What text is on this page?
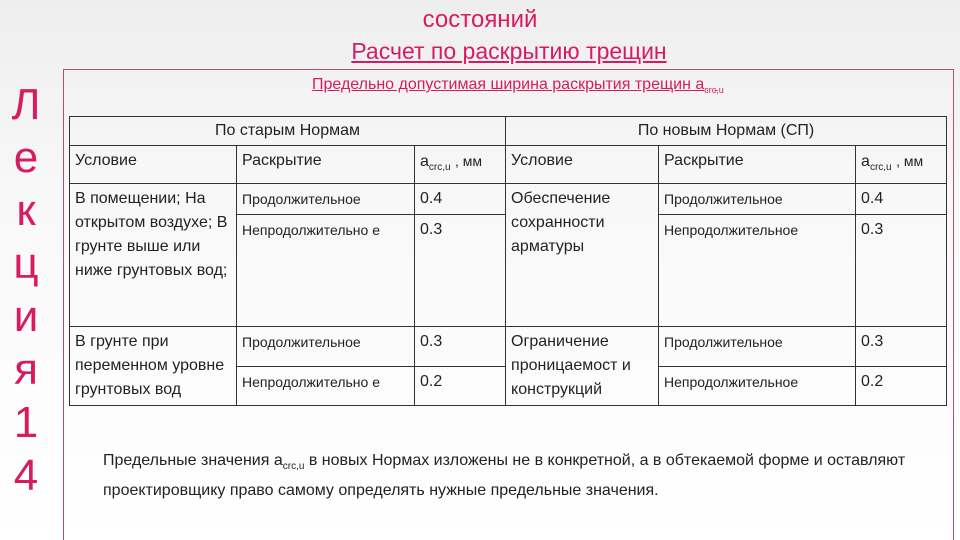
состояний
Расчет по раскрытию трещин
Л
е
к
ц
и
я
1
4
Предельно допустимая ширина раскрытия трещин $a_{crc,u}$
По старым Нормам			По новым Нормам (СП)		
Условие	Раскрытие	$a_{crc,u}$ , мм	Условие	Раскрытие	$a_{crc,u}$ , мм
В помещении; На открытом воздухе; В грунте выше или ниже грунтовых вод;	Продолжительное	0.4	Обеспечение сохранности арматуры	Продолжительное	0.4
	Непродолжительно е	0.3		Непродолжительное	0.3
В грунте при переменном уровне грунтовых вод	Продолжительное	0.3	Ограничение проницаемост и конструкций	Продолжительное	0.3
	Непродолжительно е	0.2		Непродолжительное	0.2
Предельные значения $a_{crc,u}$ в новых Нормах изложены не в конкретной, а в обтекаемой форме и оставляют проектировщику право самому определять нужные предельные значения.
